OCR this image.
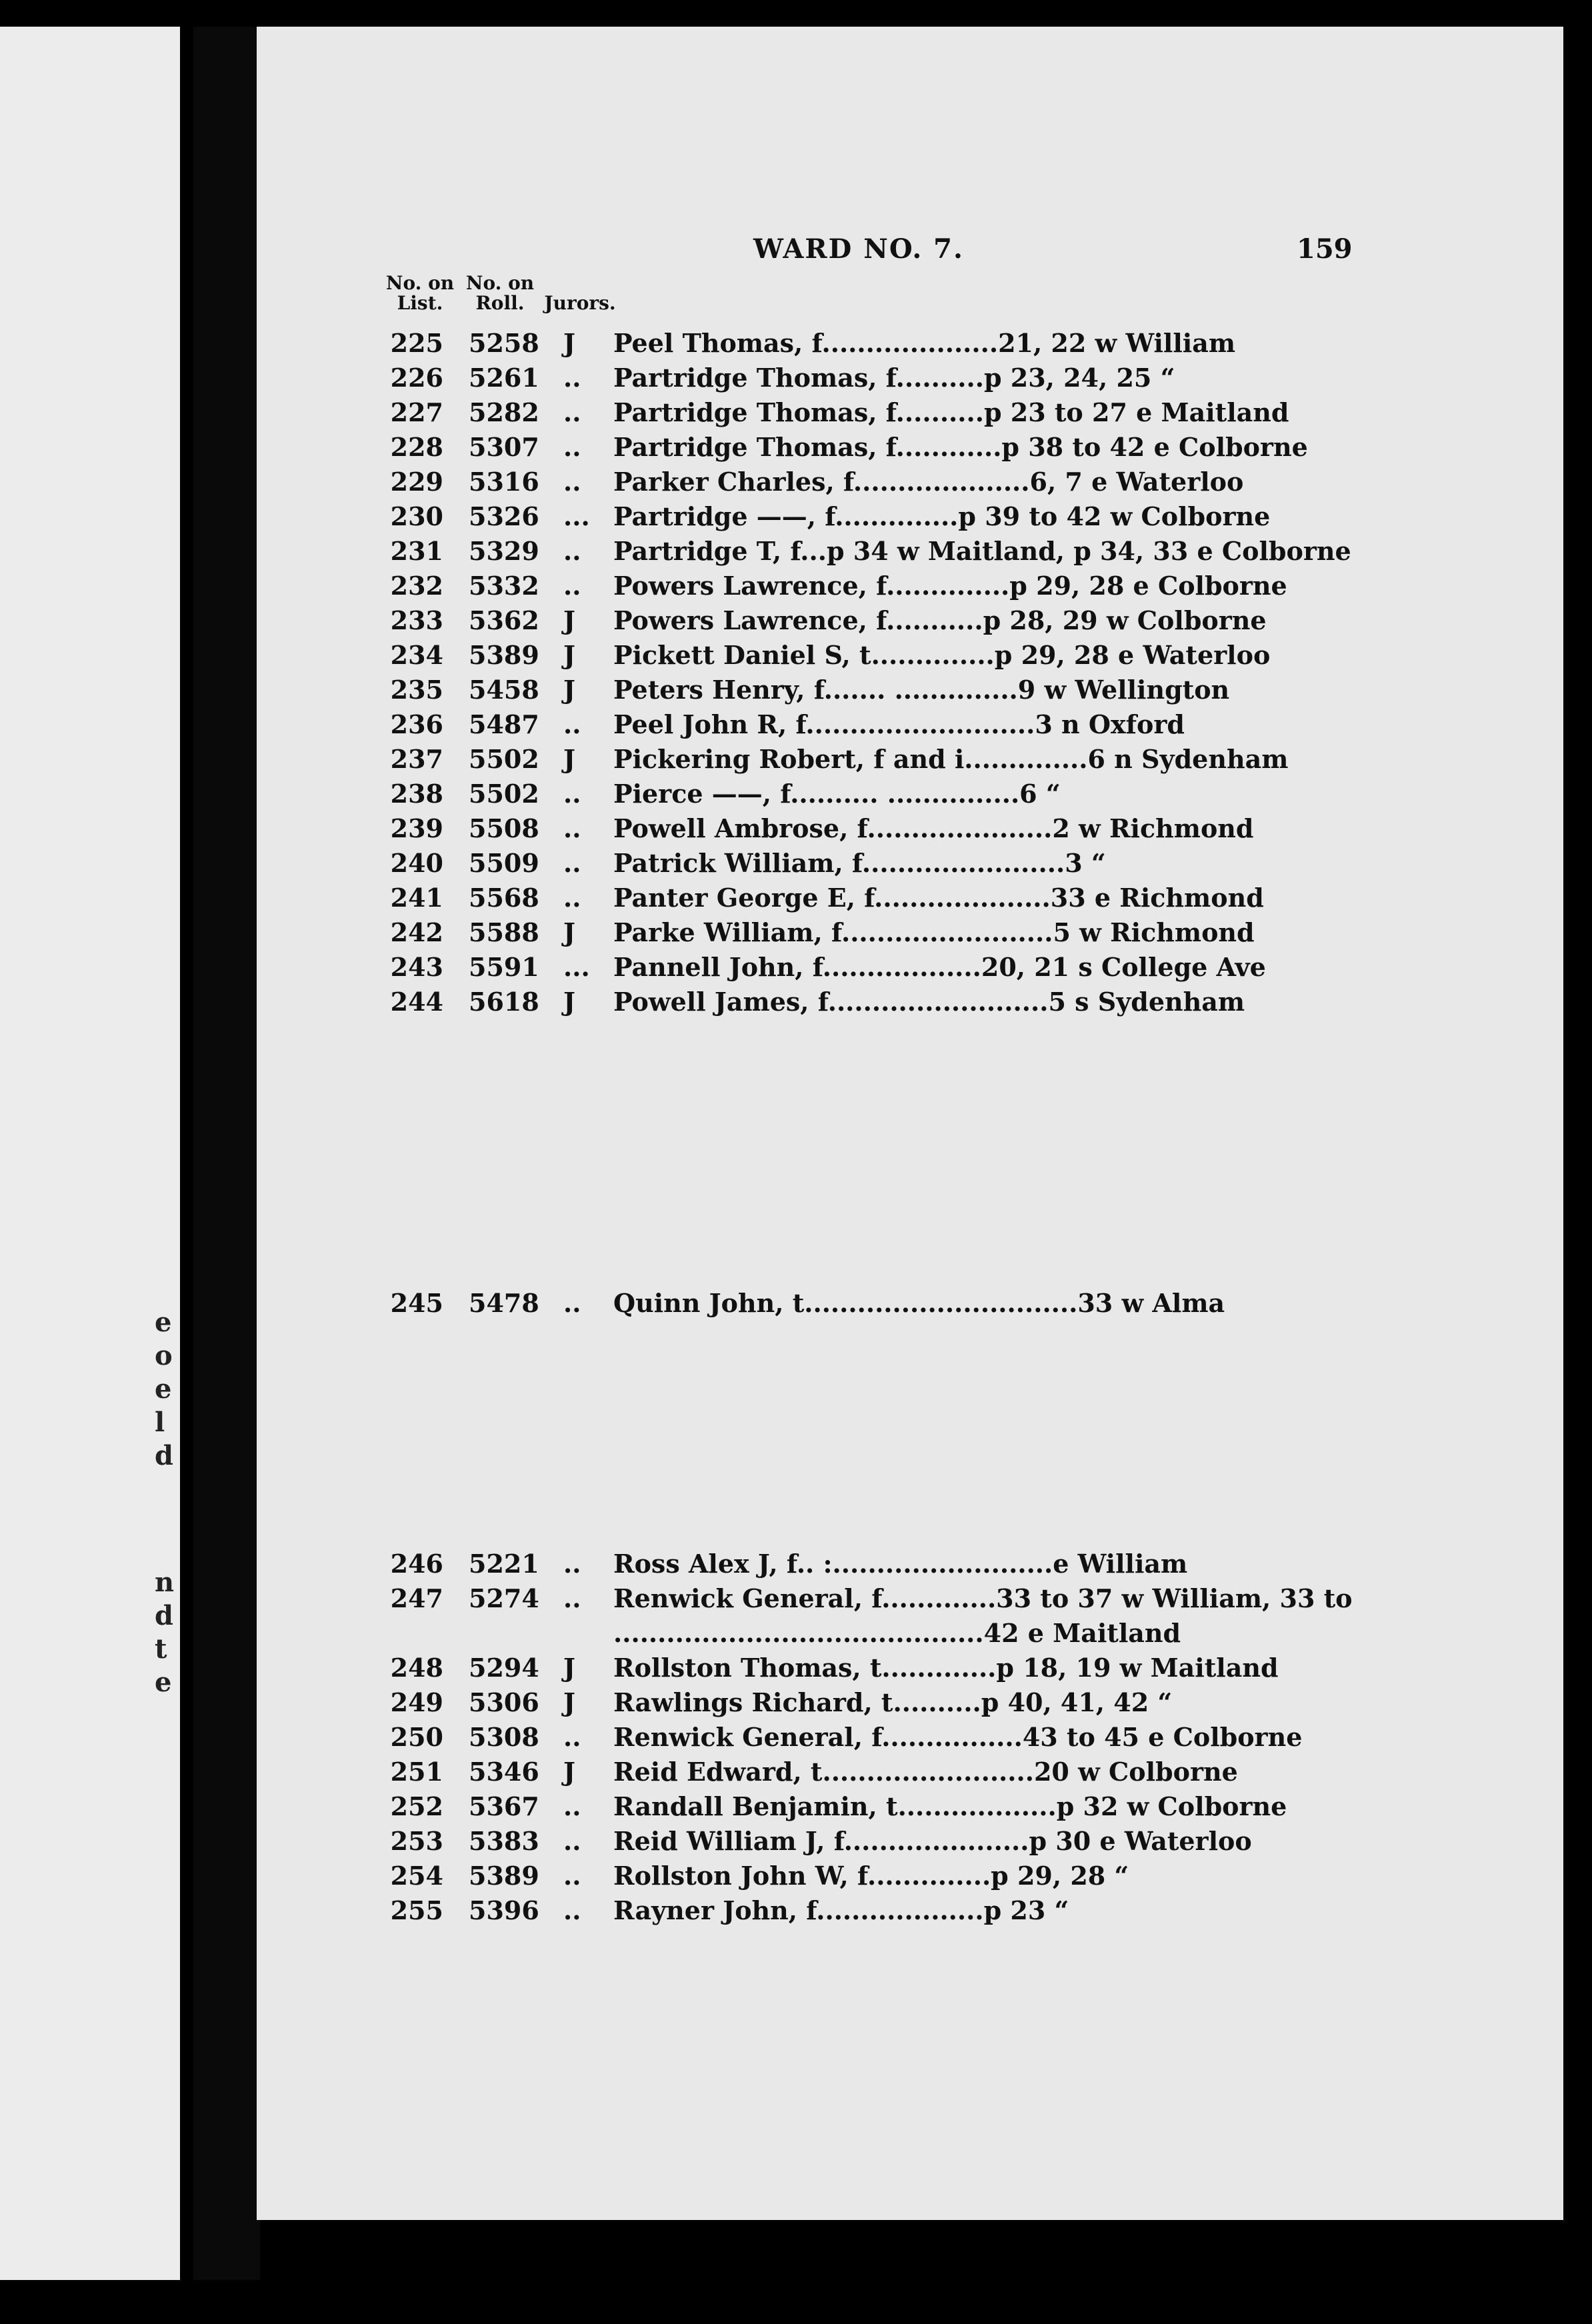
e
o
e
l
d
n
d
t
e
WARD NO. 7.	159
No. on
List.
No. on
Roll.	Jurors.
225 5258 J	Peel Thomas, f....................21, 22 w William
226 5261 ..	Partridge Thomas, f..........p 23, 24, 25 “
227 5282 ..	Partridge Thomas, f..........p 23 to 27 e Maitland
228 5307 ..	Partridge Thomas, f............p 38 to 42 e Colborne
229 5316 ..	Parker Charles, f....................6, 7 e Waterloo
230 5326 ... Partridge ——, f..............p 39 to 42 w Colborne
231 5329 ..	Partridge T, f...p 34 w Maitland, p 34, 33 e Colborne
232 5332 ..	Powers Lawrence, f..............p 29, 28 e Colborne
233 5362 J	Powers Lawrence, f...........p 28, 29 w Colborne
234 5389 J	Pickett Daniel S, t..............p 29, 28 e Waterloo
235 5458 J	Peters Henry, f....... ..............9 w Wellington
236 5487 ..	Peel John R, f..........................3 n Oxford
237 5502 J	Pickering Robert, f and i..............6 n Sydenham
238 5502 ..	Pierce ——, f.......... ...............6 “
239 5508 ..	Powell Ambrose, f.....................2 w Richmond
240 5509 ..	Patrick William, f.......................3 “
241 5568 ..	Panter George E, f....................33 e Richmond
242 5588 J	Parke William, f........................5 w Richmond
243 5591 ... Pannell John, f..................20, 21 s College Ave
244 5618 J	Powell James, f.........................5 s Sydenham
245 5478 ..	Quinn John, t...............................33 w Alma
246 5221 ..	Ross Alex J, f.. :.........................e William
247 5274 ..	Renwick General, f.............33 to 37 w William, 33 to
..........................................42 e Maitland
248 5294 J	Rollston Thomas, t.............p 18, 19 w Maitland
249 5306 J	Rawlings Richard, t..........p 40, 41, 42 “
250 5308 ..	Renwick General, f................43 to 45 e Colborne
251 5346 J	Reid Edward, t........................20 w Colborne
252 5367 ..	Randall Benjamin, t..................p 32 w Colborne
253 5383 ..	Reid William J, f.....................p 30 e Waterloo
254 5389 ..	Rollston John W, f..............p 29, 28 “
255 5396 ..	Rayner John, f...................p 23 “
